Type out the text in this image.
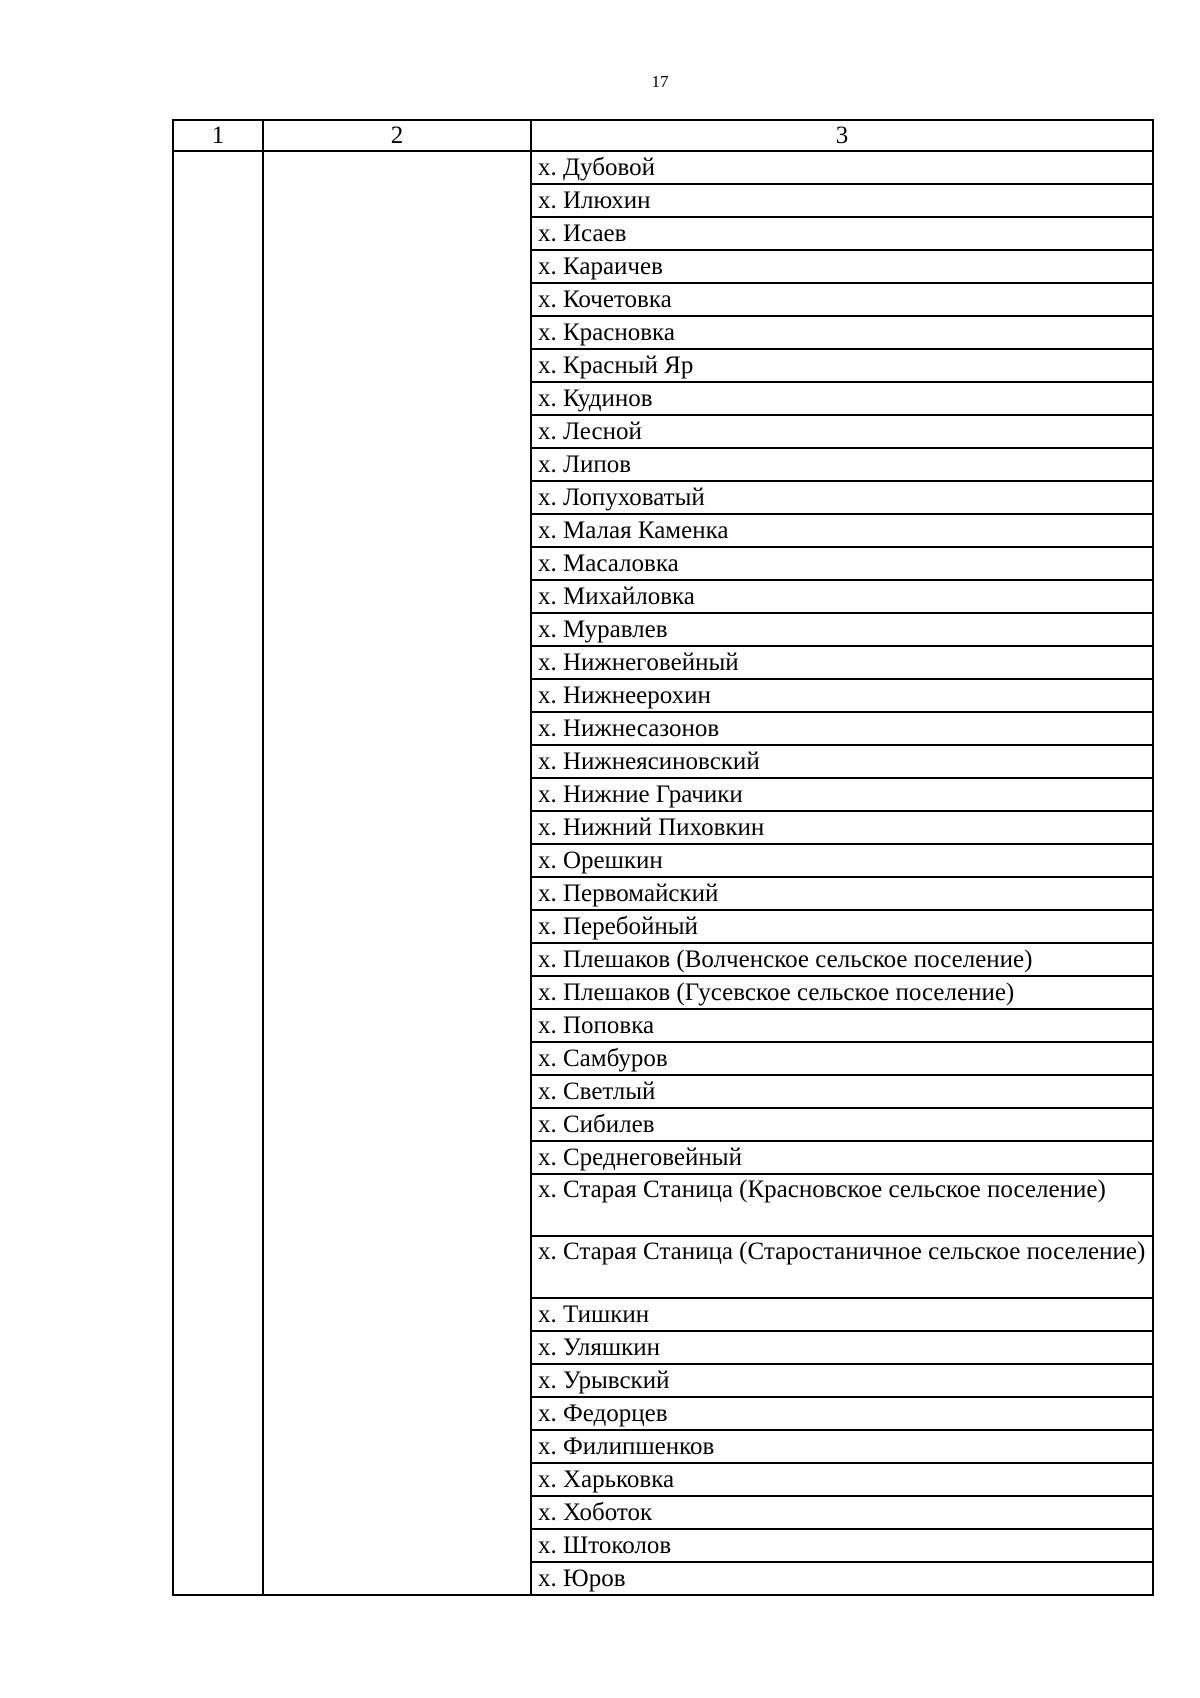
17
1	2	3
		х. Дубовой
		х. Илюхин
		х. Исаев
		х. Караичев
		х. Кочетовка
		х. Красновка
		х. Красный Яр
		х. Кудинов
		х. Лесной
		х. Липов
		х. Лопуховатый
		х. Малая Каменка
		х. Масаловка
		х. Михайловка
		х. Муравлев
		х. Нижнегoвейный
		х. Нижнеерохин
		х. Нижнесазонов
		х. Нижнеясиновский
		х. Нижние Грачики
		х. Нижний Пиховкин
		х. Орешкин
		х. Первомайский
		х. Перебойный
		х. Плешаков (Волченское сельское поселение)
		х. Плешаков (Гусевское сельское поселение)
		х. Поповка
		х. Самбуров
		х. Светлый
		х. Сибилев
		х. Среднеговейный
		х. Старая Станица (Красновское сельское поселение)
		х. Старая Станица (Старостаничное сельское поселение)
		х. Тишкин
		х. Уляшкин
		х. Урывский
		х. Федорцев
		х. Филипшенков
		х. Харьковка
		х. Хоботок
		х. Штоколов
		х. Юров
